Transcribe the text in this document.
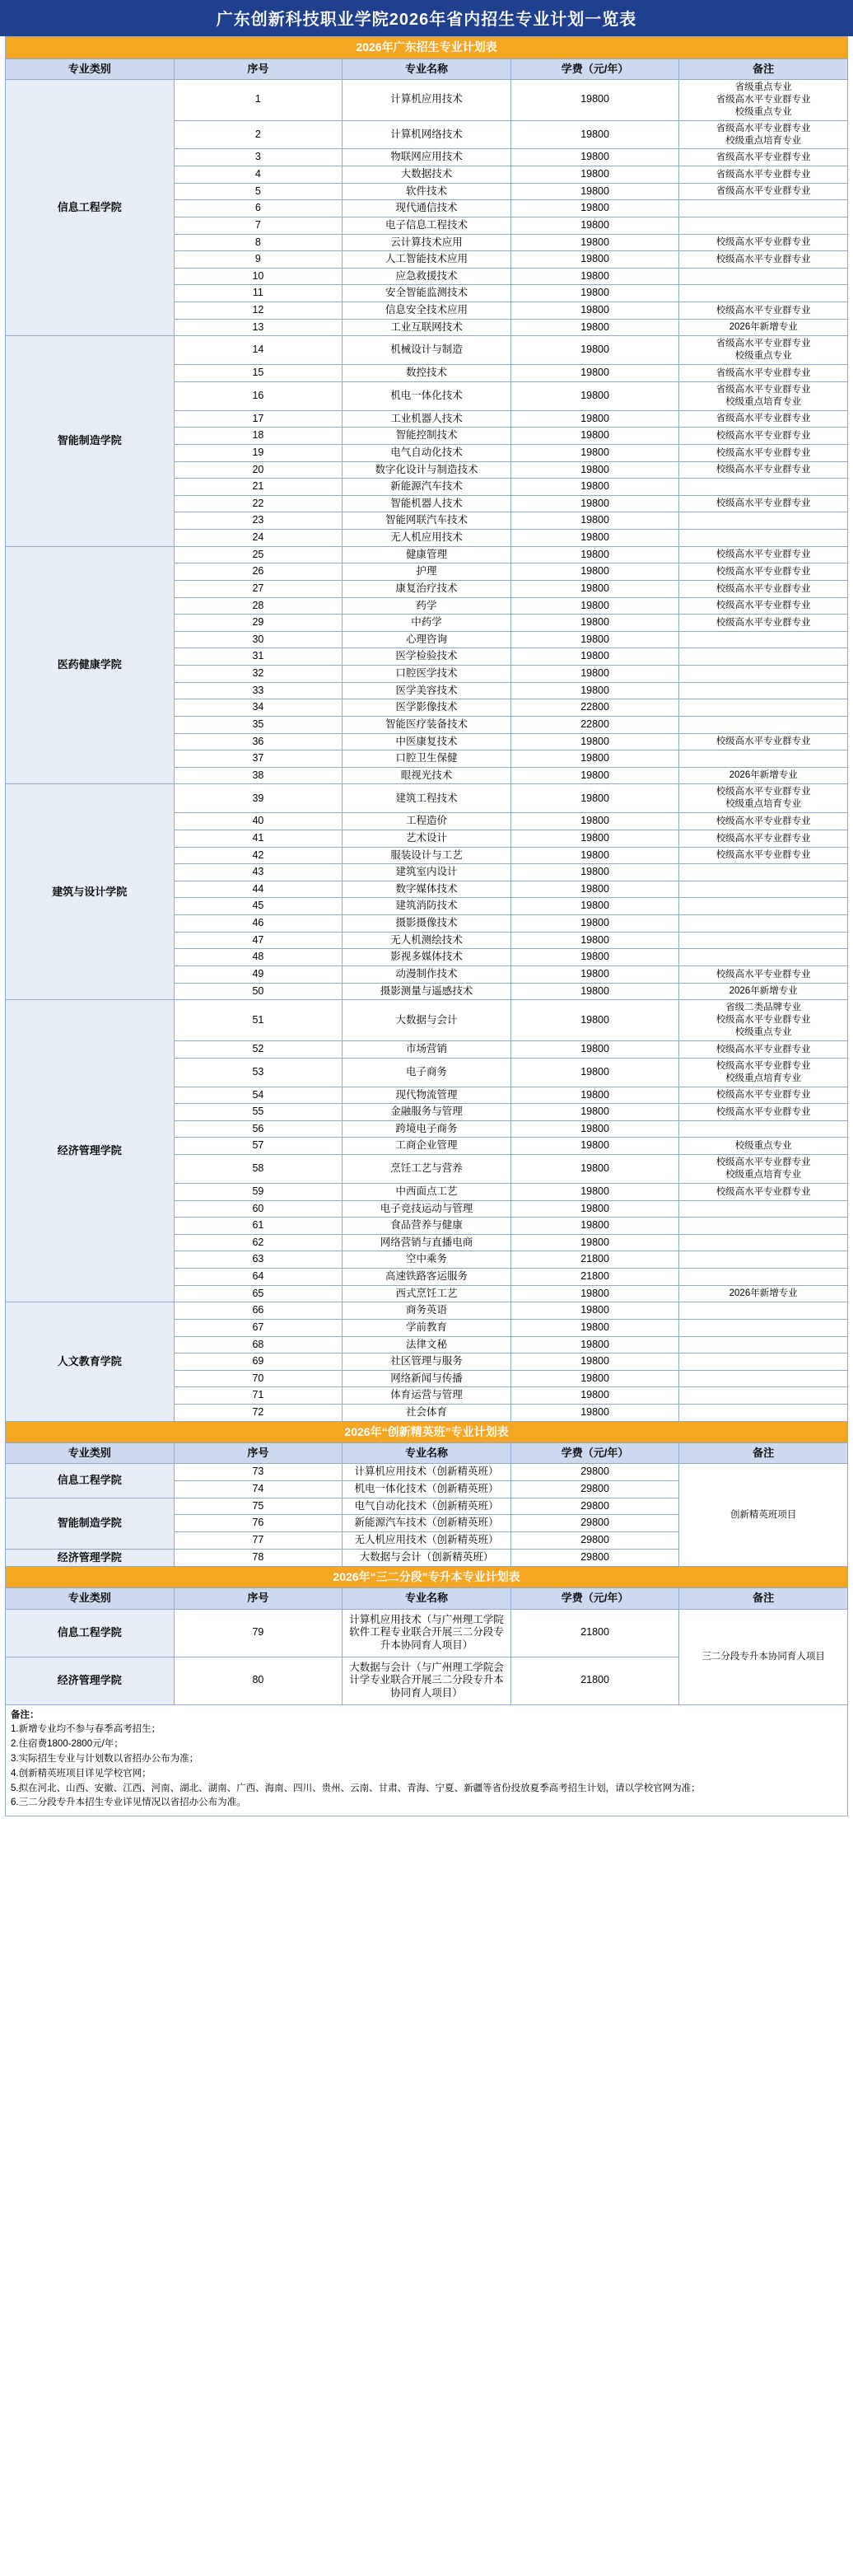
广东创新科技职业学院2026年省内招生专业计划一览表
2026年广东招生专业计划表				
专业类别	序号	专业名称	学费（元/年）	备注
信息工程学院	1	计算机应用技术	19800	省级重点专业
省级高水平专业群专业
校级重点专业
	2	计算机网络技术	19800	省级高水平专业群专业
校级重点培育专业
	3	物联网应用技术	19800	省级高水平专业群专业
	4	大数据技术	19800	省级高水平专业群专业
	5	软件技术	19800	省级高水平专业群专业
	6	现代通信技术	19800	
	7	电子信息工程技术	19800	
	8	云计算技术应用	19800	校级高水平专业群专业
	9	人工智能技术应用	19800	校级高水平专业群专业
	10	应急救援技术	19800	
	11	安全智能监测技术	19800	
	12	信息安全技术应用	19800	校级高水平专业群专业
	13	工业互联网技术	19800	2026年新增专业
智能制造学院	14	机械设计与制造	19800	省级高水平专业群专业
校级重点专业
	15	数控技术	19800	省级高水平专业群专业
	16	机电一体化技术	19800	省级高水平专业群专业
校级重点培育专业
	17	工业机器人技术	19800	省级高水平专业群专业
	18	智能控制技术	19800	校级高水平专业群专业
	19	电气自动化技术	19800	校级高水平专业群专业
	20	数字化设计与制造技术	19800	校级高水平专业群专业
	21	新能源汽车技术	19800	
	22	智能机器人技术	19800	校级高水平专业群专业
	23	智能网联汽车技术	19800	
	24	无人机应用技术	19800	
医药健康学院	25	健康管理	19800	校级高水平专业群专业
	26	护理	19800	校级高水平专业群专业
	27	康复治疗技术	19800	校级高水平专业群专业
	28	药学	19800	校级高水平专业群专业
	29	中药学	19800	校级高水平专业群专业
	30	心理咨询	19800	
	31	医学检验技术	19800	
	32	口腔医学技术	19800	
	33	医学美容技术	19800	
	34	医学影像技术	22800	
	35	智能医疗装备技术	22800	
	36	中医康复技术	19800	校级高水平专业群专业
	37	口腔卫生保健	19800	
	38	眼视光技术	19800	2026年新增专业
建筑与设计学院	39	建筑工程技术	19800	校级高水平专业群专业
校级重点培育专业
	40	工程造价	19800	校级高水平专业群专业
	41	艺术设计	19800	校级高水平专业群专业
	42	服装设计与工艺	19800	校级高水平专业群专业
	43	建筑室内设计	19800	
	44	数字媒体技术	19800	
	45	建筑消防技术	19800	
	46	摄影摄像技术	19800	
	47	无人机测绘技术	19800	
	48	影视多媒体技术	19800	
	49	动漫制作技术	19800	校级高水平专业群专业
	50	摄影测量与遥感技术	19800	2026年新增专业
经济管理学院	51	大数据与会计	19800	省级二类品牌专业
校级高水平专业群专业
校级重点专业
	52	市场营销	19800	校级高水平专业群专业
	53	电子商务	19800	校级高水平专业群专业
校级重点培育专业
	54	现代物流管理	19800	校级高水平专业群专业
	55	金融服务与管理	19800	校级高水平专业群专业
	56	跨境电子商务	19800	
	57	工商企业管理	19800	校级重点专业
	58	烹饪工艺与营养	19800	校级高水平专业群专业
校级重点培育专业
	59	中西面点工艺	19800	校级高水平专业群专业
	60	电子竞技运动与管理	19800	
	61	食品营养与健康	19800	
	62	网络营销与直播电商	19800	
	63	空中乘务	21800	
	64	高速铁路客运服务	21800	
	65	西式烹饪工艺	19800	2026年新增专业
人文教育学院	66	商务英语	19800	
	67	学前教育	19800	
	68	法律文秘	19800	
	69	社区管理与服务	19800	
	70	网络新闻与传播	19800	
	71	体育运营与管理	19800	
	72	社会体育	19800	
2026年“创新精英班”专业计划表				
专业类别	序号	专业名称	学费（元/年）	备注
信息工程学院	73	计算机应用技术（创新精英班）	29800	创新精英班项目
	74	机电一体化技术（创新精英班）	29800	
智能制造学院	75	电气自动化技术（创新精英班）	29800	
	76	新能源汽车技术（创新精英班）	29800	
	77	无人机应用技术（创新精英班）	29800	
经济管理学院	78	大数据与会计（创新精英班）	29800	
2026年“三二分段”专升本专业计划表				
专业类别	序号	专业名称	学费（元/年）	备注
信息工程学院	79	计算机应用技术（与广州理工学院软件工程专业联合开展三二分段专升本协同育人项目）	21800	三二分段专升本协同育人项目
经济管理学院	80	大数据与会计（与广州理工学院会计学专业联合开展三二分段专升本协同育人项目）	21800	
备注：
1.新增专业均不参与春季高考招生；
2.住宿费1800-2800元/年；
3.实际招生专业与计划数以省招办公布为准；
4.创新精英班项目详见学校官网；
5.拟在河北、山西、安徽、江西、河南、湖北、湖南、广西、海南、四川、贵州、云南、甘肃、青海、宁夏、新疆等省份投放夏季高考招生计划，请以学校官网为准；
6.三二分段专升本招生专业详见情况以省招办公布为准。
